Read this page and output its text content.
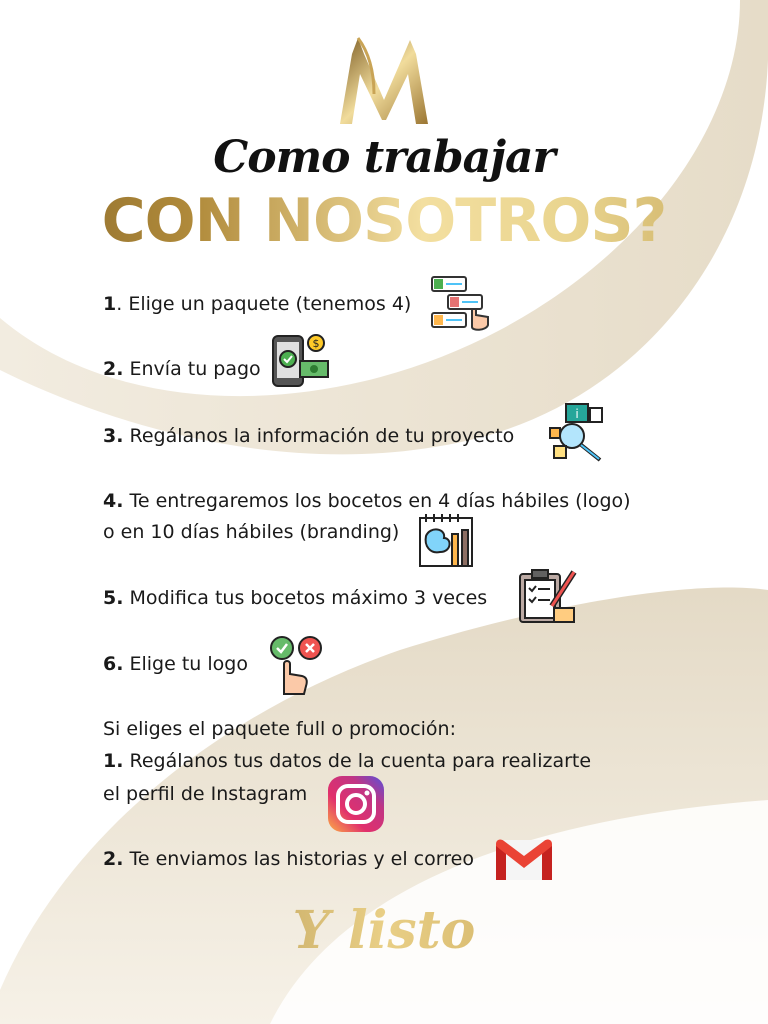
Como trabajar
CON NOSOTROS?
1. Elige un paquete (tenemos 4)
2. Envía tu pago
$
3. Regálanos la información de tu proyecto
i
4. Te entregaremos los bocetos en 4 días hábiles (logo)
o en 10 días hábiles (branding)
5. Modifica tus bocetos máximo 3 veces
6. Elige tu logo
Si eliges el paquete full o promoción:
1. Regálanos tus datos de la cuenta para realizarte
el perfil de Instagram
2. Te enviamos las historias y el correo
Y listo
